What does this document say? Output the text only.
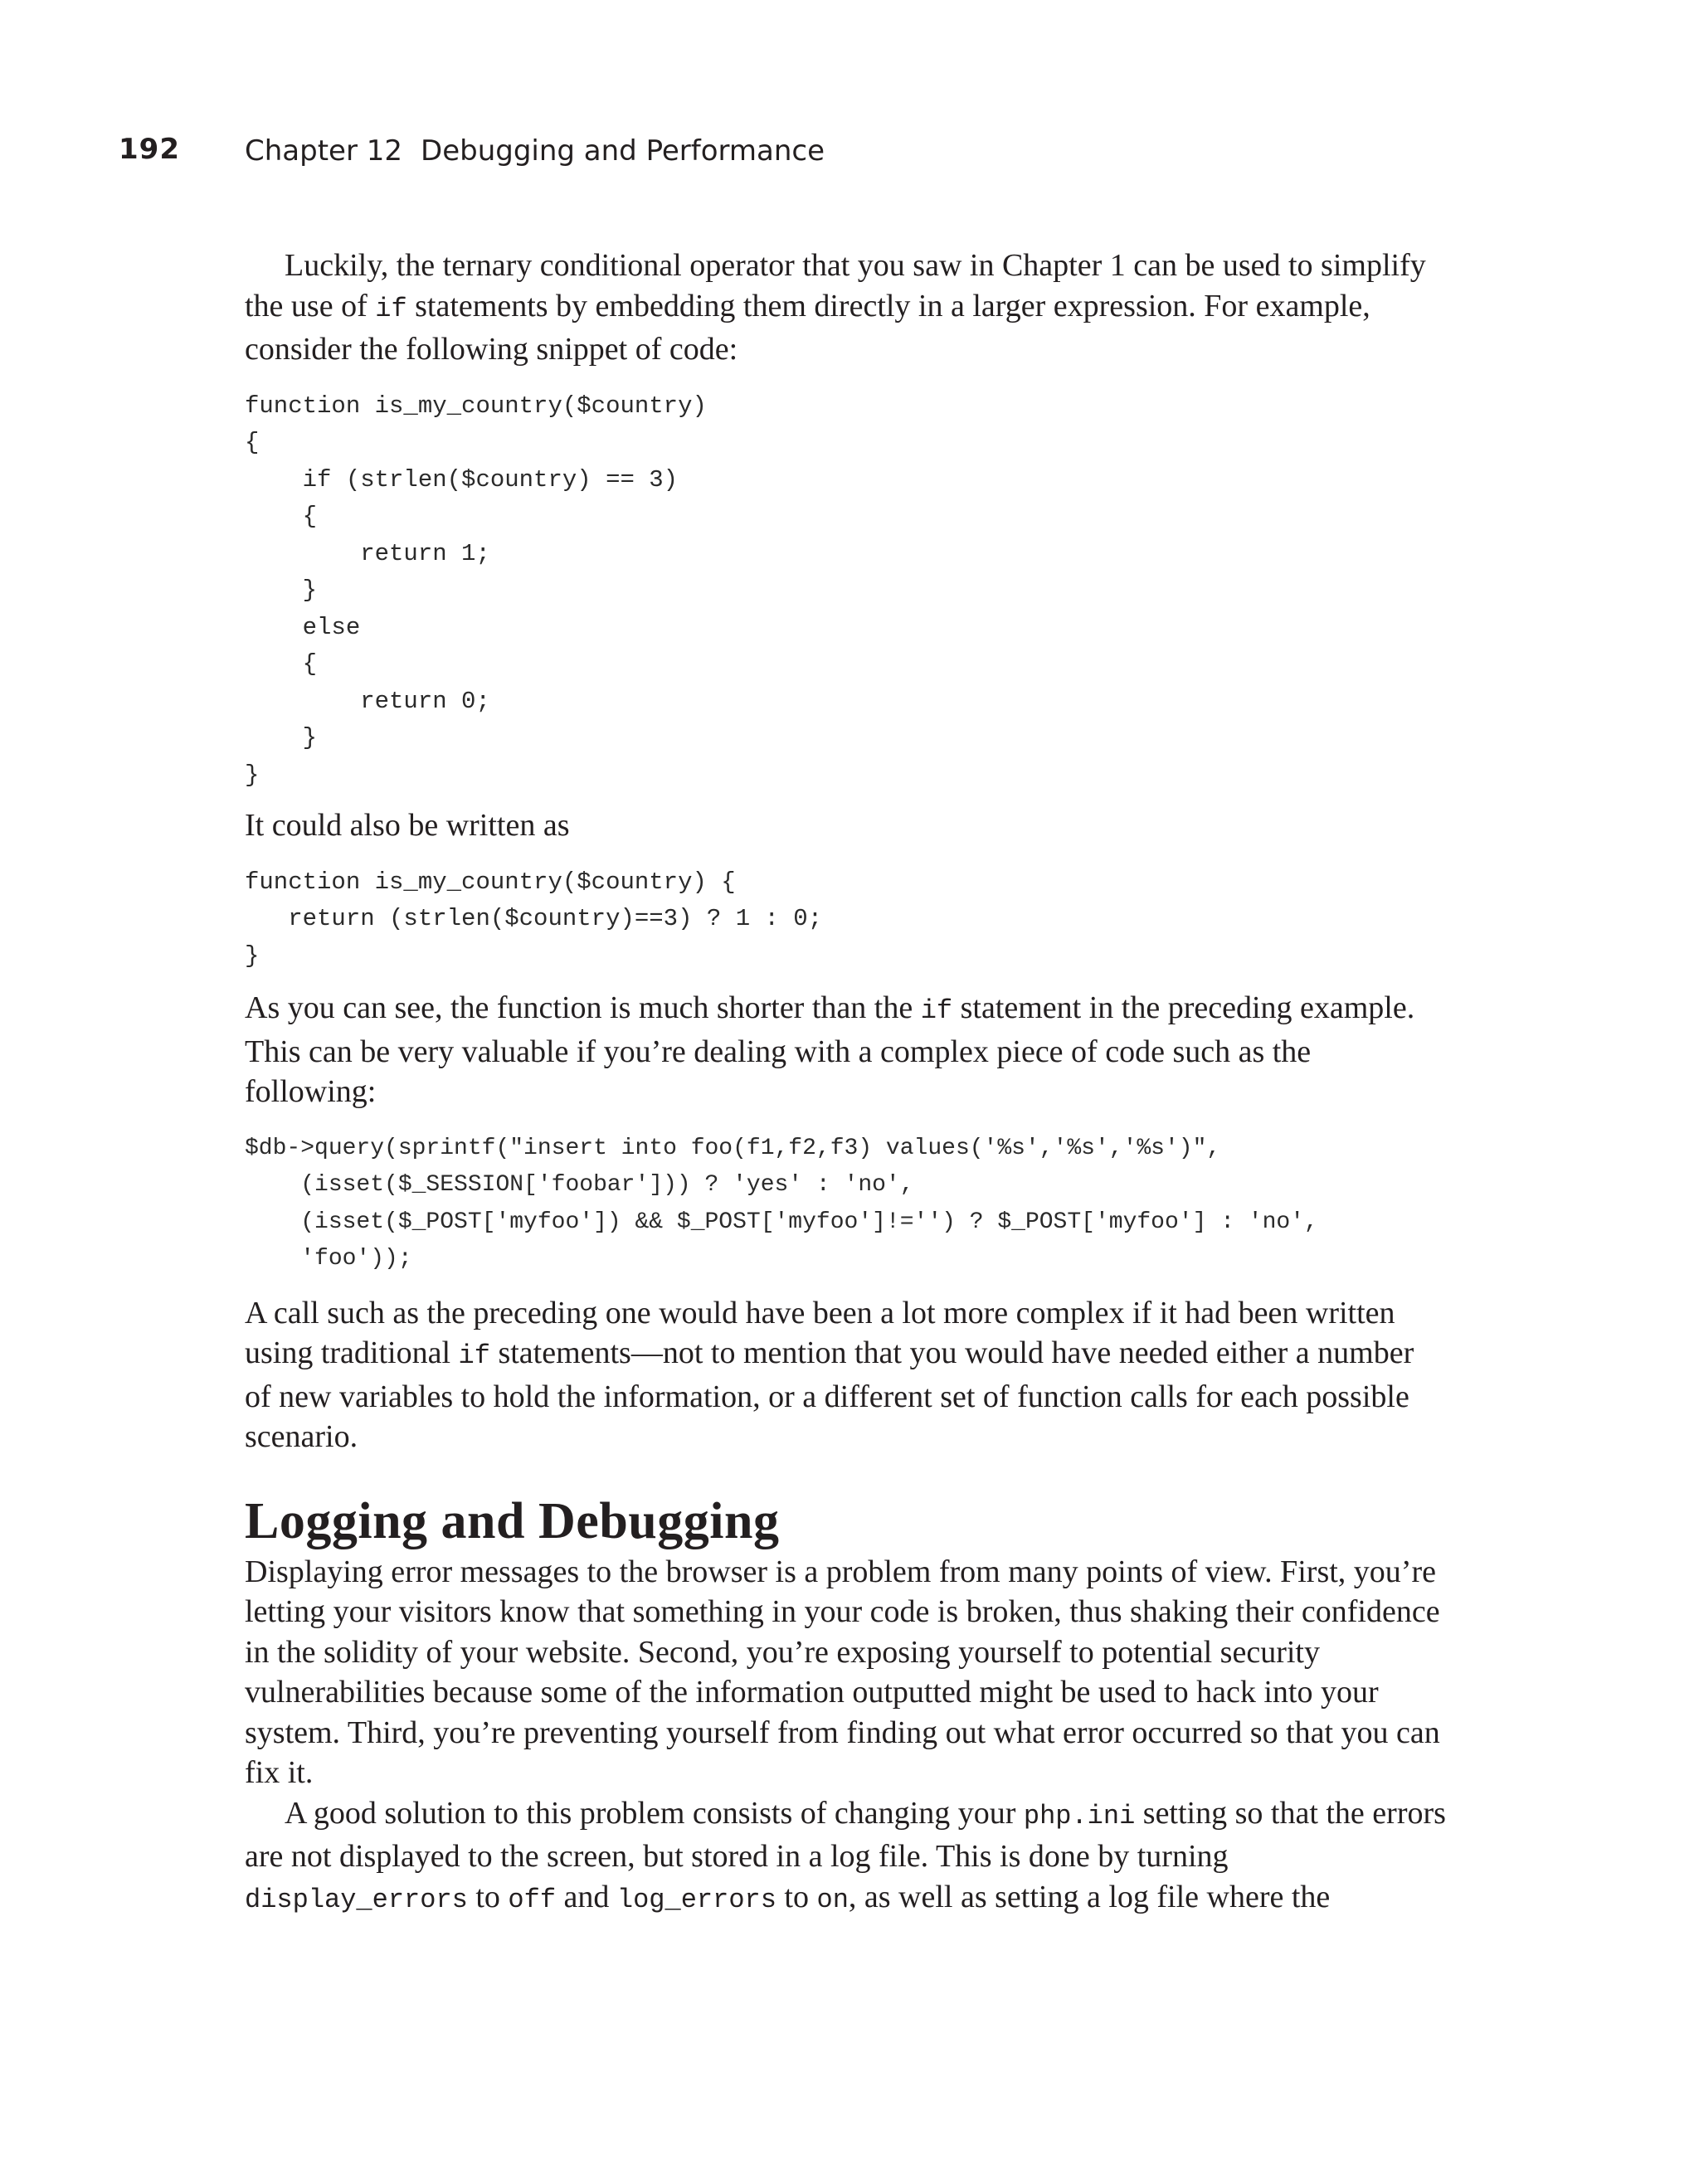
192 Chapter 12 Debugging and Performance

Luckily, the ternary conditional operator that you saw in Chapter 1 can be used to simplify the use of if statements by embedding them directly in a larger expression. For example, consider the following snippet of code:

function is_my_country($country)
{
if (strlen($country) == 3)
{
return 1;
}
else
{
return 0;
}
}

It could also be written as

function is_my_country($country) {
return (strlen($country)==3) ? 1 : 0;
}

As you can see, the function is much shorter than the if statement in the preceding example. This can be very valuable if you’re dealing with a complex piece of code such as the following:

$db->query(sprintf("insert into foo(f1,f2,f3) values('%s','%s','%s')",
(isset($_SESSION['foobar'])) ? 'yes' : 'no',
(isset($_POST['myfoo']) && $_POST['myfoo']!='') ? $_POST['myfoo'] : 'no',
'foo'));

A call such as the preceding one would have been a lot more complex if it had been written using traditional if statements—not to mention that you would have needed either a number of new variables to hold the information, or a different set of function calls for each possible scenario.

Logging and Debugging

Displaying error messages to the browser is a problem from many points of view. First, you’re letting your visitors know that something in your code is broken, thus shaking their confidence in the solidity of your website. Second, you’re exposing yourself to potential security vulnerabilities because some of the information outputted might be used to hack into your system. Third, you’re preventing yourself from finding out what error occurred so that you can fix it.

A good solution to this problem consists of changing your php.ini setting so that the errors are not displayed to the screen, but stored in a log file. This is done by turning display_errors to off and log_errors to on, as well as setting a log file where the
